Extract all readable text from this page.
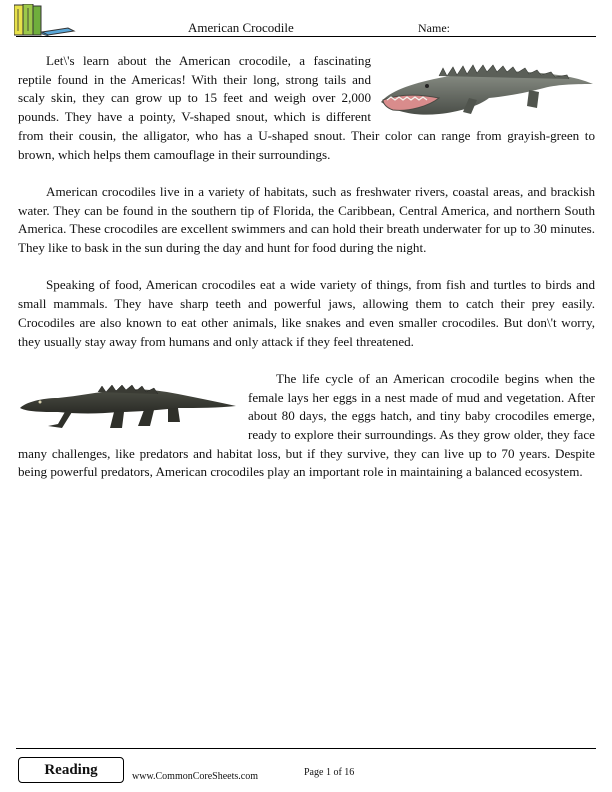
American Crocodile	Name:

Let\'s learn about the American crocodile, a fascinating reptile found in the Americas! With their long, strong tails and scaly skin, they can grow up to 15 feet and weigh over 2,000 pounds. They have a pointy, V-shaped snout, which is different from their cousin, the alligator, who has a U-shaped snout. Their color can range from grayish-green to brown, which helps them camouflage in their surroundings.

American crocodiles live in a variety of habitats, such as freshwater rivers, coastal areas, and brackish water. They can be found in the southern tip of Florida, the Caribbean, Central America, and northern South America. These crocodiles are excellent swimmers and can hold their breath underwater for up to 30 minutes. They like to bask in the sun during the day and hunt for food during the night.

Speaking of food, American crocodiles eat a wide variety of things, from fish and turtles to birds and small mammals. They have sharp teeth and powerful jaws, allowing them to catch their prey easily. Crocodiles are also known to eat other animals, like snakes and even smaller crocodiles. But don\'t worry, they usually stay away from humans and only attack if they feel threatened.

The life cycle of an American crocodile begins when the female lays her eggs in a nest made of mud and vegetation. After about 80 days, the eggs hatch, and tiny baby crocodiles emerge, ready to explore their surroundings. As they grow older, they face many challenges, like predators and habitat loss, but if they survive, they can live up to 70 years. Despite being powerful predators, American crocodiles play an important role in maintaining a balanced ecosystem.

Reading	www.CommonCoreSheets.com	Page 1 of 16
